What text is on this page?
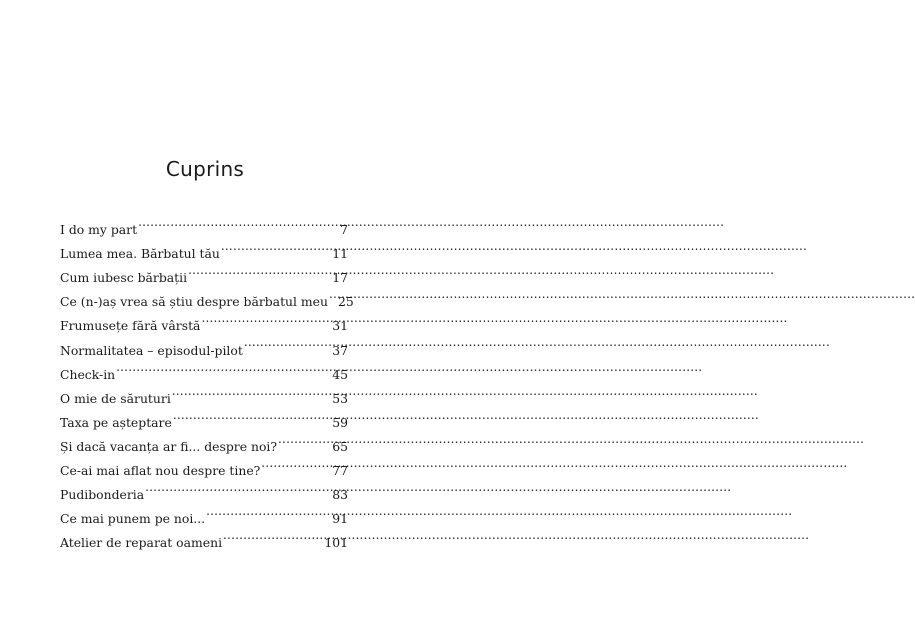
Cuprins
I do my part .....	7
Lumea mea. Bărbatul tău .....	11
Cum iubesc bărbații .....	17
Ce (n-)aș vrea să știu despre bărbatul meu ..... 25
Frumusețe fără vârstă .....	31
Normalitatea – episodul-pilot .....	37
Check-in .....	45
O mie de săruturi .....	53
Taxa pe așteptare .....	59
Și dacă vacanța ar fi... despre noi? .....	65
Ce-ai mai aflat nou despre tine? .....	77
Pudibonderia .....	83
Ce mai punem pe noi... .....	91
Atelier de reparat oameni .....	101
